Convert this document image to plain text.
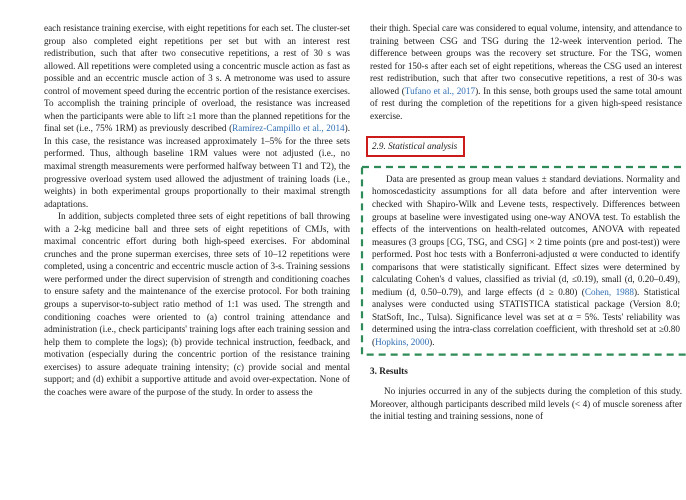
each resistance training exercise, with eight repetitions for each set. The cluster-set group also completed eight repetitions per set but with an interest rest redistribution, such that after two consecutive repetitions, a rest of 30 s was allowed. All repetitions were completed using a concentric muscle action as fast as possible and an eccentric muscle action of 3 s. A metronome was used to assure control of movement speed during the eccentric portion of the resistance exercises. To accomplish the training principle of overload, the resistance was increased when the participants were able to lift ≥1 more than the planned repetitions for the final set (i.e., 75% 1RM) as previously described (Ramírez-Campillo et al., 2014). In this case, the resistance was increased approximately 1–5% for the three sets performed. Thus, although baseline 1RM values were not adjusted (i.e., no maximal strength measurements were performed halfway between T1 and T2), the progressive overload system used allowed the adjustment of training loads (i.e., weights) in both experimental groups proportionally to their maximal strength adaptations.

In addition, subjects completed three sets of eight repetitions of ball throwing with a 2-kg medicine ball and three sets of eight repetitions of CMJs, with maximal concentric effort during both high-speed exercises. For abdominal crunches and the prone superman exercises, three sets of 10–12 repetitions were completed, using a concentric and eccentric muscle action of 3-s. Training sessions were performed under the direct supervision of strength and conditioning coaches to ensure safety and the maintenance of the exercise protocol. For both training groups a supervisor-to-subject ratio method of 1:1 was used. The strength and conditioning coaches were oriented to (a) control training attendance and administration (i.e., check participants' training logs after each training session and help them to complete the logs); (b) provide technical instruction, feedback, and motivation (especially during the concentric portion of the resistance training exercises) to assure adequate training intensity; (c) provide social and mental support; and (d) exhibit a supportive attitude and avoid over-expectation. None of the coaches were aware of the purpose of the study. In order to assess the

their thigh. Special care was considered to equal volume, intensity, and attendance to training between CSG and TSG during the 12-week intervention period. The difference between groups was the recovery set structure. For the TSG, women rested for 150-s after each set of eight repetitions, whereas the CSG used an interest rest redistribution, such that after two consecutive repetitions, a rest of 30-s was allowed (Tufano et al., 2017). In this sense, both groups used the same total amount of rest during the completion of the repetitions for a given high-speed resistance exercise.

2.9. Statistical analysis

Data are presented as group mean values ± standard deviations. Normality and homoscedasticity assumptions for all data before and after intervention were checked with Shapiro-Wilk and Levene tests, respectively. Differences between groups at baseline were investigated using one-way ANOVA test. To establish the effects of the interventions on health-related outcomes, ANOVA with repeated measures (3 groups [CG, TSG, and CSG] × 2 time points (pre and post-test)) were performed. Post hoc tests with a Bonferroni-adjusted α were conducted to identify comparisons that were statistically significant. Effect sizes were determined by calculating Cohen's d values, classified as trivial (d, ≤0.19), small (d, 0.20–0.49), medium (d, 0.50–0.79), and large effects (d ≥ 0.80) (Cohen, 1988). Statistical analyses were conducted using STATISTICA statistical package (Version 8.0; StatSoft, Inc., Tulsa). Significance level was set at α = 5%. Tests' reliability was determined using the intra-class correlation coefficient, with threshold set at ≥0.80 (Hopkins, 2000).

3. Results

No injuries occurred in any of the subjects during the completion of this study. Moreover, although participants described mild levels (< 4) of muscle soreness after the initial testing and training sessions, none of
